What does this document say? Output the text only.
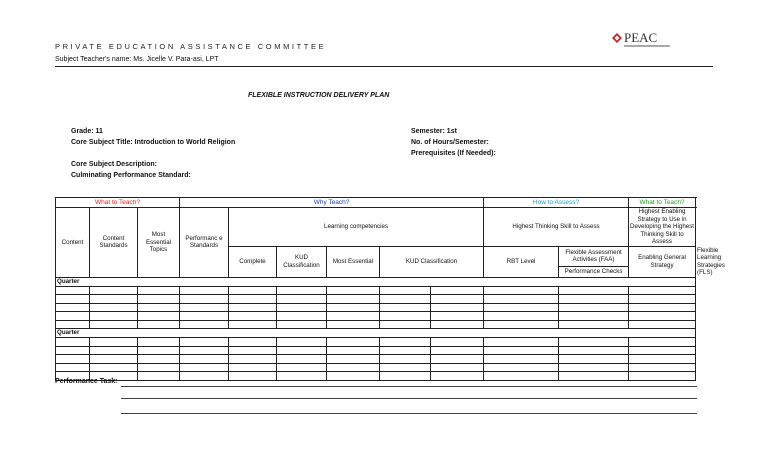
PRIVATE EDUCATION ASSISTANCE COMMITTEE
Subject Teacher's name: Ms. Jicelle V. Para-asi, LPT
PEAC
FLEXIBLE INSTRUCTION DELIVERY PLAN
Grade: 11
Core Subject Title: Introduction to World Religion
Semester: 1st
No. of Hours/Semester:
Prerequisites (If Needed):
Core Subject Description:
Culminating Performance Standard:
What to Teach?			Why Teach?						How to Assess?		What to Teach?	
Content	Content Standards	Most Essential Topics	Performanc e Standards	Learning competencies					Highest Thinking Skill to Assess		Highest Enabling Strategy to Use in Developing the Highest Thinking Skill to Assess	
				Complete	KUD Classification	Most Essential	KUD Classification		RBT Level	Flexible Assessment Activities (FAA)	Enabling General Strategy	Flexible Learning Strategies (FLS)
										Performance Checks		
Quarter												

Quarter												

Performance Task:
